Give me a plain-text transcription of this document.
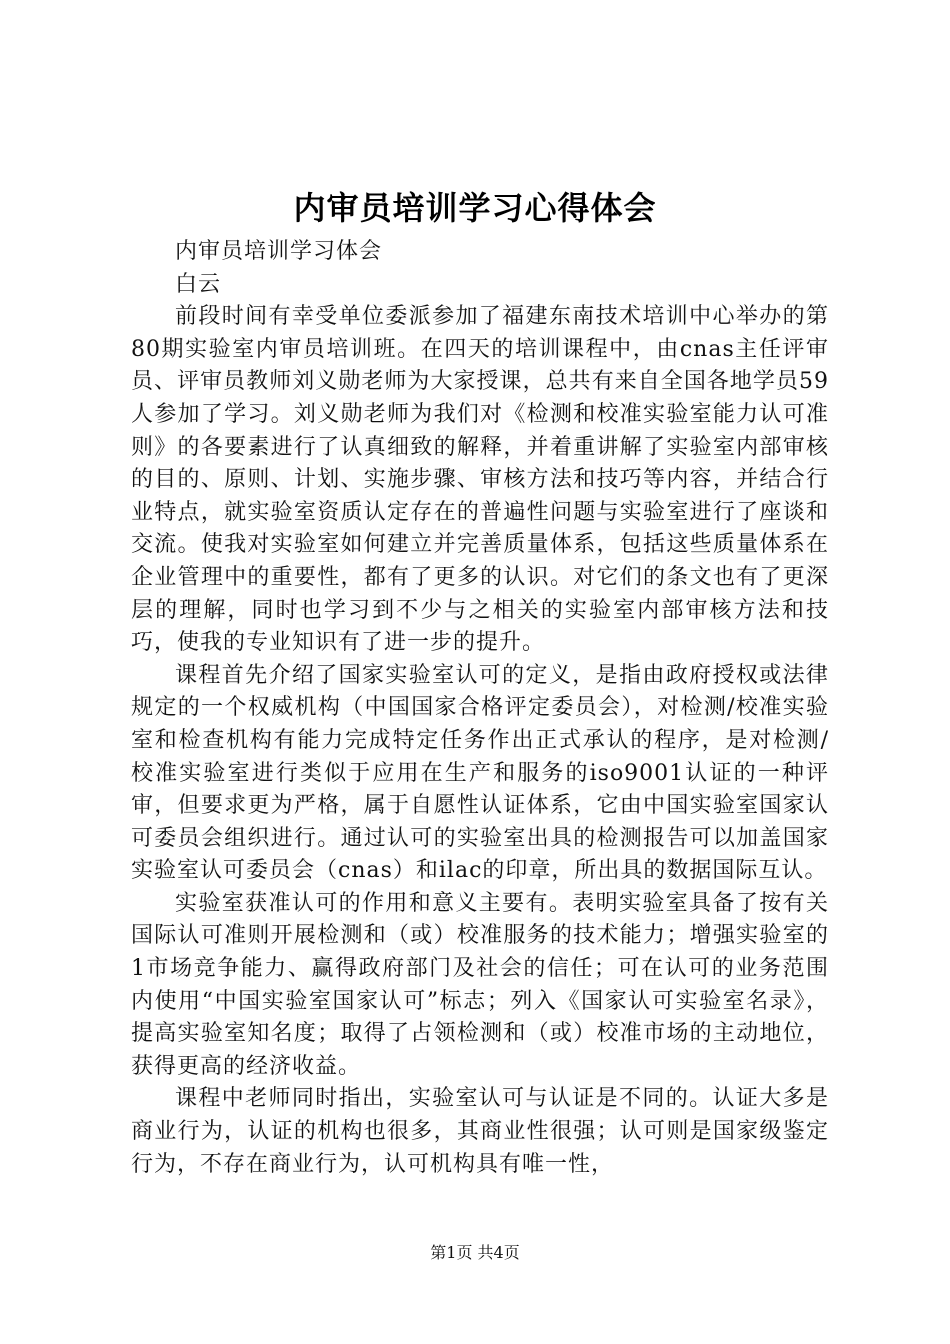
内审员培训学习心得体会

内审员培训学习体会

白云

前段时间有幸受单位委派参加了福建东南技术培训中心举办的第80期实验室内审员培训班。在四天的培训课程中，由cnas主任评审员、评审员教师刘义勋老师为大家授课，总共有来自全国各地学员59人参加了学习。刘义勋老师为我们对《检测和校准实验室能力认可准则》的各要素进行了认真细致的解释，并着重讲解了实验室内部审核的目的、原则、计划、实施步骤、审核方法和技巧等内容，并结合行业特点，就实验室资质认定存在的普遍性问题与实验室进行了座谈和交流。使我对实验室如何建立并完善质量体系，包括这些质量体系在企业管理中的重要性，都有了更多的认识。对它们的条文也有了更深层的理解，同时也学习到不少与之相关的实验室内部审核方法和技巧，使我的专业知识有了进一步的提升。

课程首先介绍了国家实验室认可的定义，是指由政府授权或法律规定的一个权威机构（中国国家合格评定委员会），对检测/校准实验室和检查机构有能力完成特定任务作出正式承认的程序，是对检测/校准实验室进行类似于应用在生产和服务的iso9001认证的一种评审，但要求更为严格，属于自愿性认证体系，它由中国实验室国家认可委员会组织进行。通过认可的实验室出具的检测报告可以加盖国家实验室认可委员会（cnas）和ilac的印章，所出具的数据国际互认。

实验室获准认可的作用和意义主要有。表明实验室具备了按有关国际认可准则开展检测和（或）校准服务的技术能力；增强实验室的1市场竞争能力、赢得政府部门及社会的信任；可在认可的业务范围内使用“中国实验室国家认可”标志；列入《国家认可实验室名录》，提高实验室知名度；取得了占领检测和（或）校准市场的主动地位，获得更高的经济收益。

课程中老师同时指出，实验室认可与认证是不同的。认证大多是商业行为，认证的机构也很多，其商业性很强；认可则是国家级鉴定行为，不存在商业行为，认可机构具有唯一性，

第1页 共4页
